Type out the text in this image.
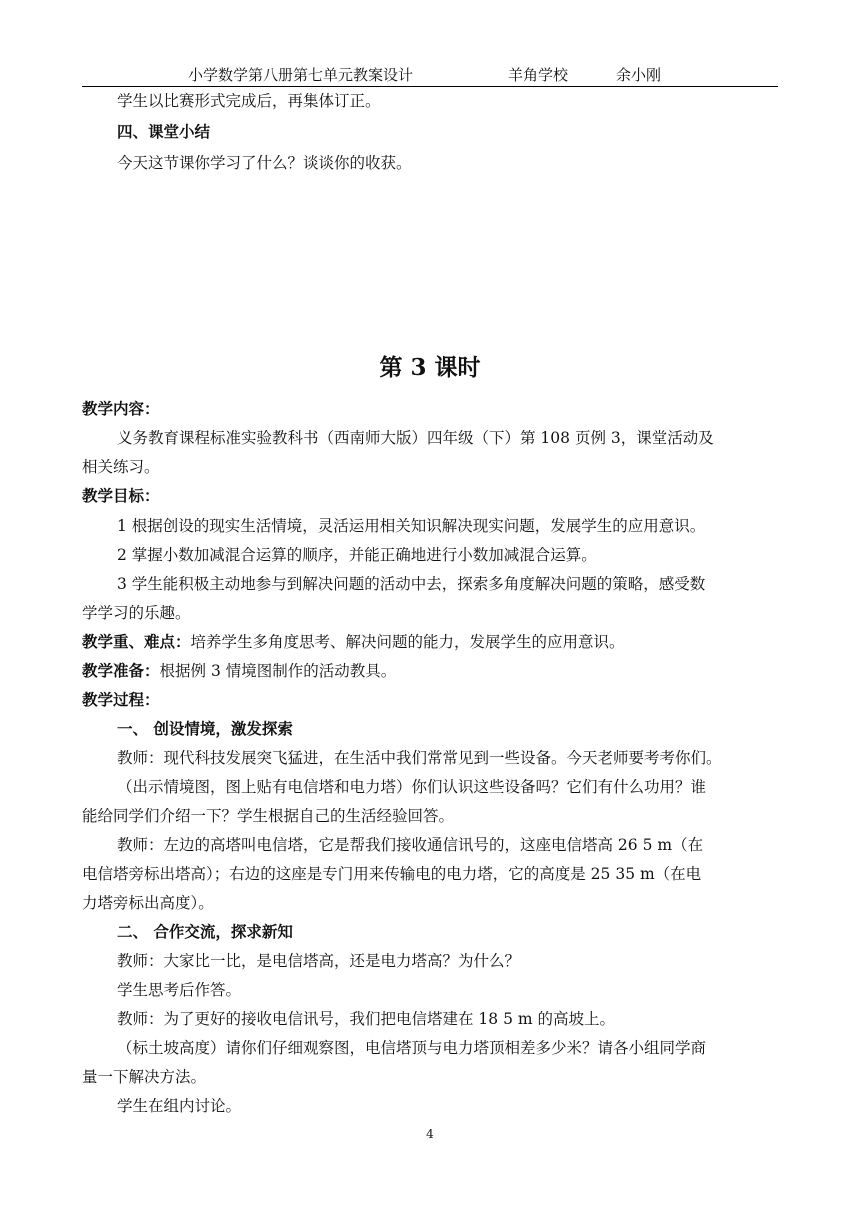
小学数学第八册第七单元教案设计	羊角学校	余小刚
学生以比赛形式完成后，再集体订正。
四、课堂小结
今天这节课你学习了什么？谈谈你的收获。
第 3 课时
教学内容：
义务教育课程标准实验教科书（西南师大版）四年级（下）第 108 页例 3，课堂活动及
相关练习。
教学目标：
1 根据创设的现实生活情境，灵活运用相关知识解决现实问题，发展学生的应用意识。
2 掌握小数加减混合运算的顺序，并能正确地进行小数加减混合运算。
3 学生能积极主动地参与到解决问题的活动中去，探索多角度解决问题的策略，感受数
学学习的乐趣。
教学重、难点：培养学生多角度思考、解决问题的能力，发展学生的应用意识。
教学准备：根据例 3 情境图制作的活动教具。
教学过程：
一、 创设情境，激发探索
教师：现代科技发展突飞猛进，在生活中我们常常见到一些设备。今天老师要考考你们。
（出示情境图，图上贴有电信塔和电力塔）你们认识这些设备吗？它们有什么功用？谁
能给同学们介绍一下？学生根据自己的生活经验回答。
教师：左边的高塔叫电信塔，它是帮我们接收通信讯号的，这座电信塔高 26 5 m（在
电信塔旁标出塔高）；右边的这座是专门用来传输电的电力塔，它的高度是 25 35 m（在电
力塔旁标出高度）。
二、 合作交流，探求新知
教师：大家比一比，是电信塔高，还是电力塔高？为什么？
学生思考后作答。
教师：为了更好的接收电信讯号，我们把电信塔建在 18 5 m 的高坡上。
（标土坡高度）请你们仔细观察图，电信塔顶与电力塔顶相差多少米？请各小组同学商
量一下解决方法。
学生在组内讨论。
4
